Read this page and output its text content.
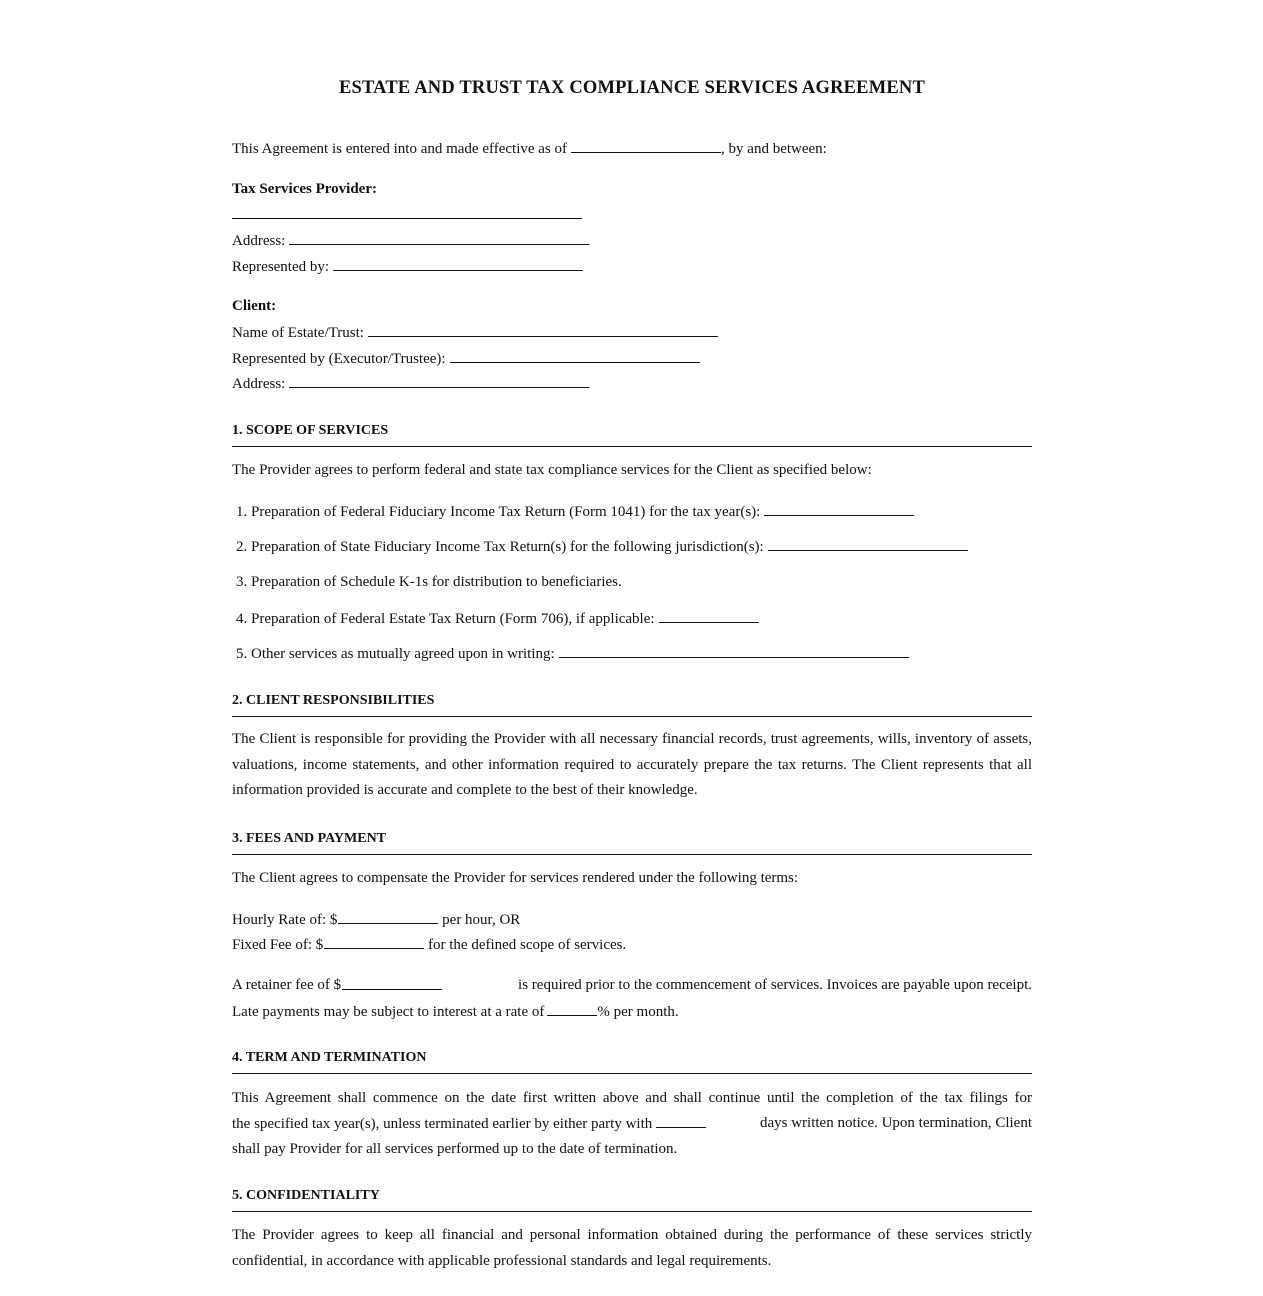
ESTATE AND TRUST TAX COMPLIANCE SERVICES AGREEMENT
This Agreement is entered into and made effective as of	, by and between:
Tax Services Provider:
Address:
Represented by:
Client:
Name of Estate/Trust:
Represented by (Executor/Trustee):
Address:
1. SCOPE OF SERVICES
The Provider agrees to perform federal and state tax compliance services for the Client as specified below:
1. Preparation of Federal Fiduciary Income Tax Return (Form 1041) for the tax year(s):
2. Preparation of State Fiduciary Income Tax Return(s) for the following jurisdiction(s):
3. Preparation of Schedule K-1s for distribution to beneficiaries.
4. Preparation of Federal Estate Tax Return (Form 706), if applicable:
5. Other services as mutually agreed upon in writing:
2. CLIENT RESPONSIBILITIES

The Client is responsible for providing the Provider with all necessary financial records, trust agreements, wills, inventory of assets, valuations, income statements, and other information required to accurately prepare the tax returns. The Client represents that all information provided is accurate and complete to the best of their knowledge.

3. FEES AND PAYMENT
The Client agrees to compensate the Provider for services rendered under the following terms:
Hourly Rate of: $	per hour, OR
Fixed Fee of: $	for the defined scope of services.
A retainer fee of $	is required prior to the commencement of services. Invoices are payable upon receipt.
Late payments may be subject to interest at a rate of	% per month.
4. TERM AND TERMINATION
This Agreement shall commence on the date first written above and shall continue until the completion of the tax filings for
the specified tax year(s), unless terminated earlier by either party with	days written notice. Upon termination, Client
shall pay Provider for all services performed up to the date of termination.
5. CONFIDENTIALITY

The Provider agrees to keep all financial and personal information obtained during the performance of these services strictly confidential, in accordance with applicable professional standards and legal requirements.
